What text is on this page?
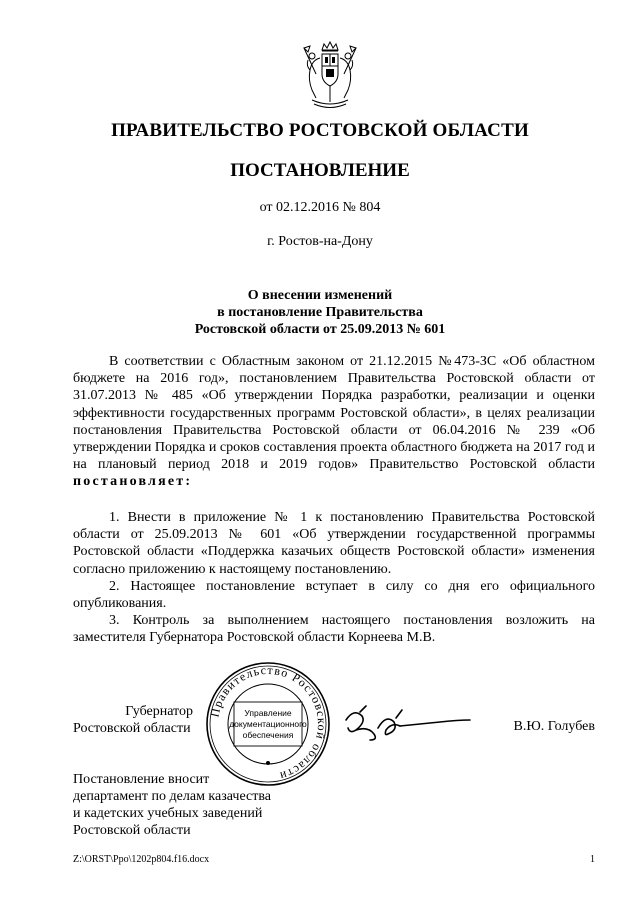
ПРАВИТЕЛЬСТВО РОСТОВСКОЙ ОБЛАСТИ
ПОСТАНОВЛЕНИЕ
от 02.12.2016 № 804
г. Ростов-на-Дону
О внесении изменений
в постановление Правительства
Ростовской области от 25.09.2013 № 601

В соответствии с Областным законом от 21.12.2015 №473-ЗС «Об областном бюджете на 2016 год», постановлением Правительства Ростовской области от 31.07.2013 № 485 «Об утверждении Порядка разработки, реализации и оценки эффективности государственных программ Ростовской области», в целях реализации постановления Правительства Ростовской области от 06.04.2016 № 239 «Об утверждении Порядка и сроков составления проекта областного бюджета на 2017 год и на плановый период 2018 и 2019 годов» Правительство Ростовской области постановляет:

1. Внести в приложение № 1 к постановлению Правительства Ростовской области от 25.09.2013 № 601 «Об утверждении государственной программы Ростовской области «Поддержка казачьих обществ Ростовской области» изменения согласно приложению к настоящему постановлению.

2. Настоящее постановление вступает в силу со дня его официального опубликования.

3. Контроль за выполнением настоящего постановления возложить на заместителя Губернатора Ростовской области Корнеева М.В.

Губернатор
Ростовской области
Правительство Ростовской области
Управление
документационного
обеспечения
В.Ю. Голубев
Постановление вносит
департамент по делам казачества
и кадетских учебных заведений
Ростовской области
Z:\ORST\Ppo\1202p804.f16.docx	1
